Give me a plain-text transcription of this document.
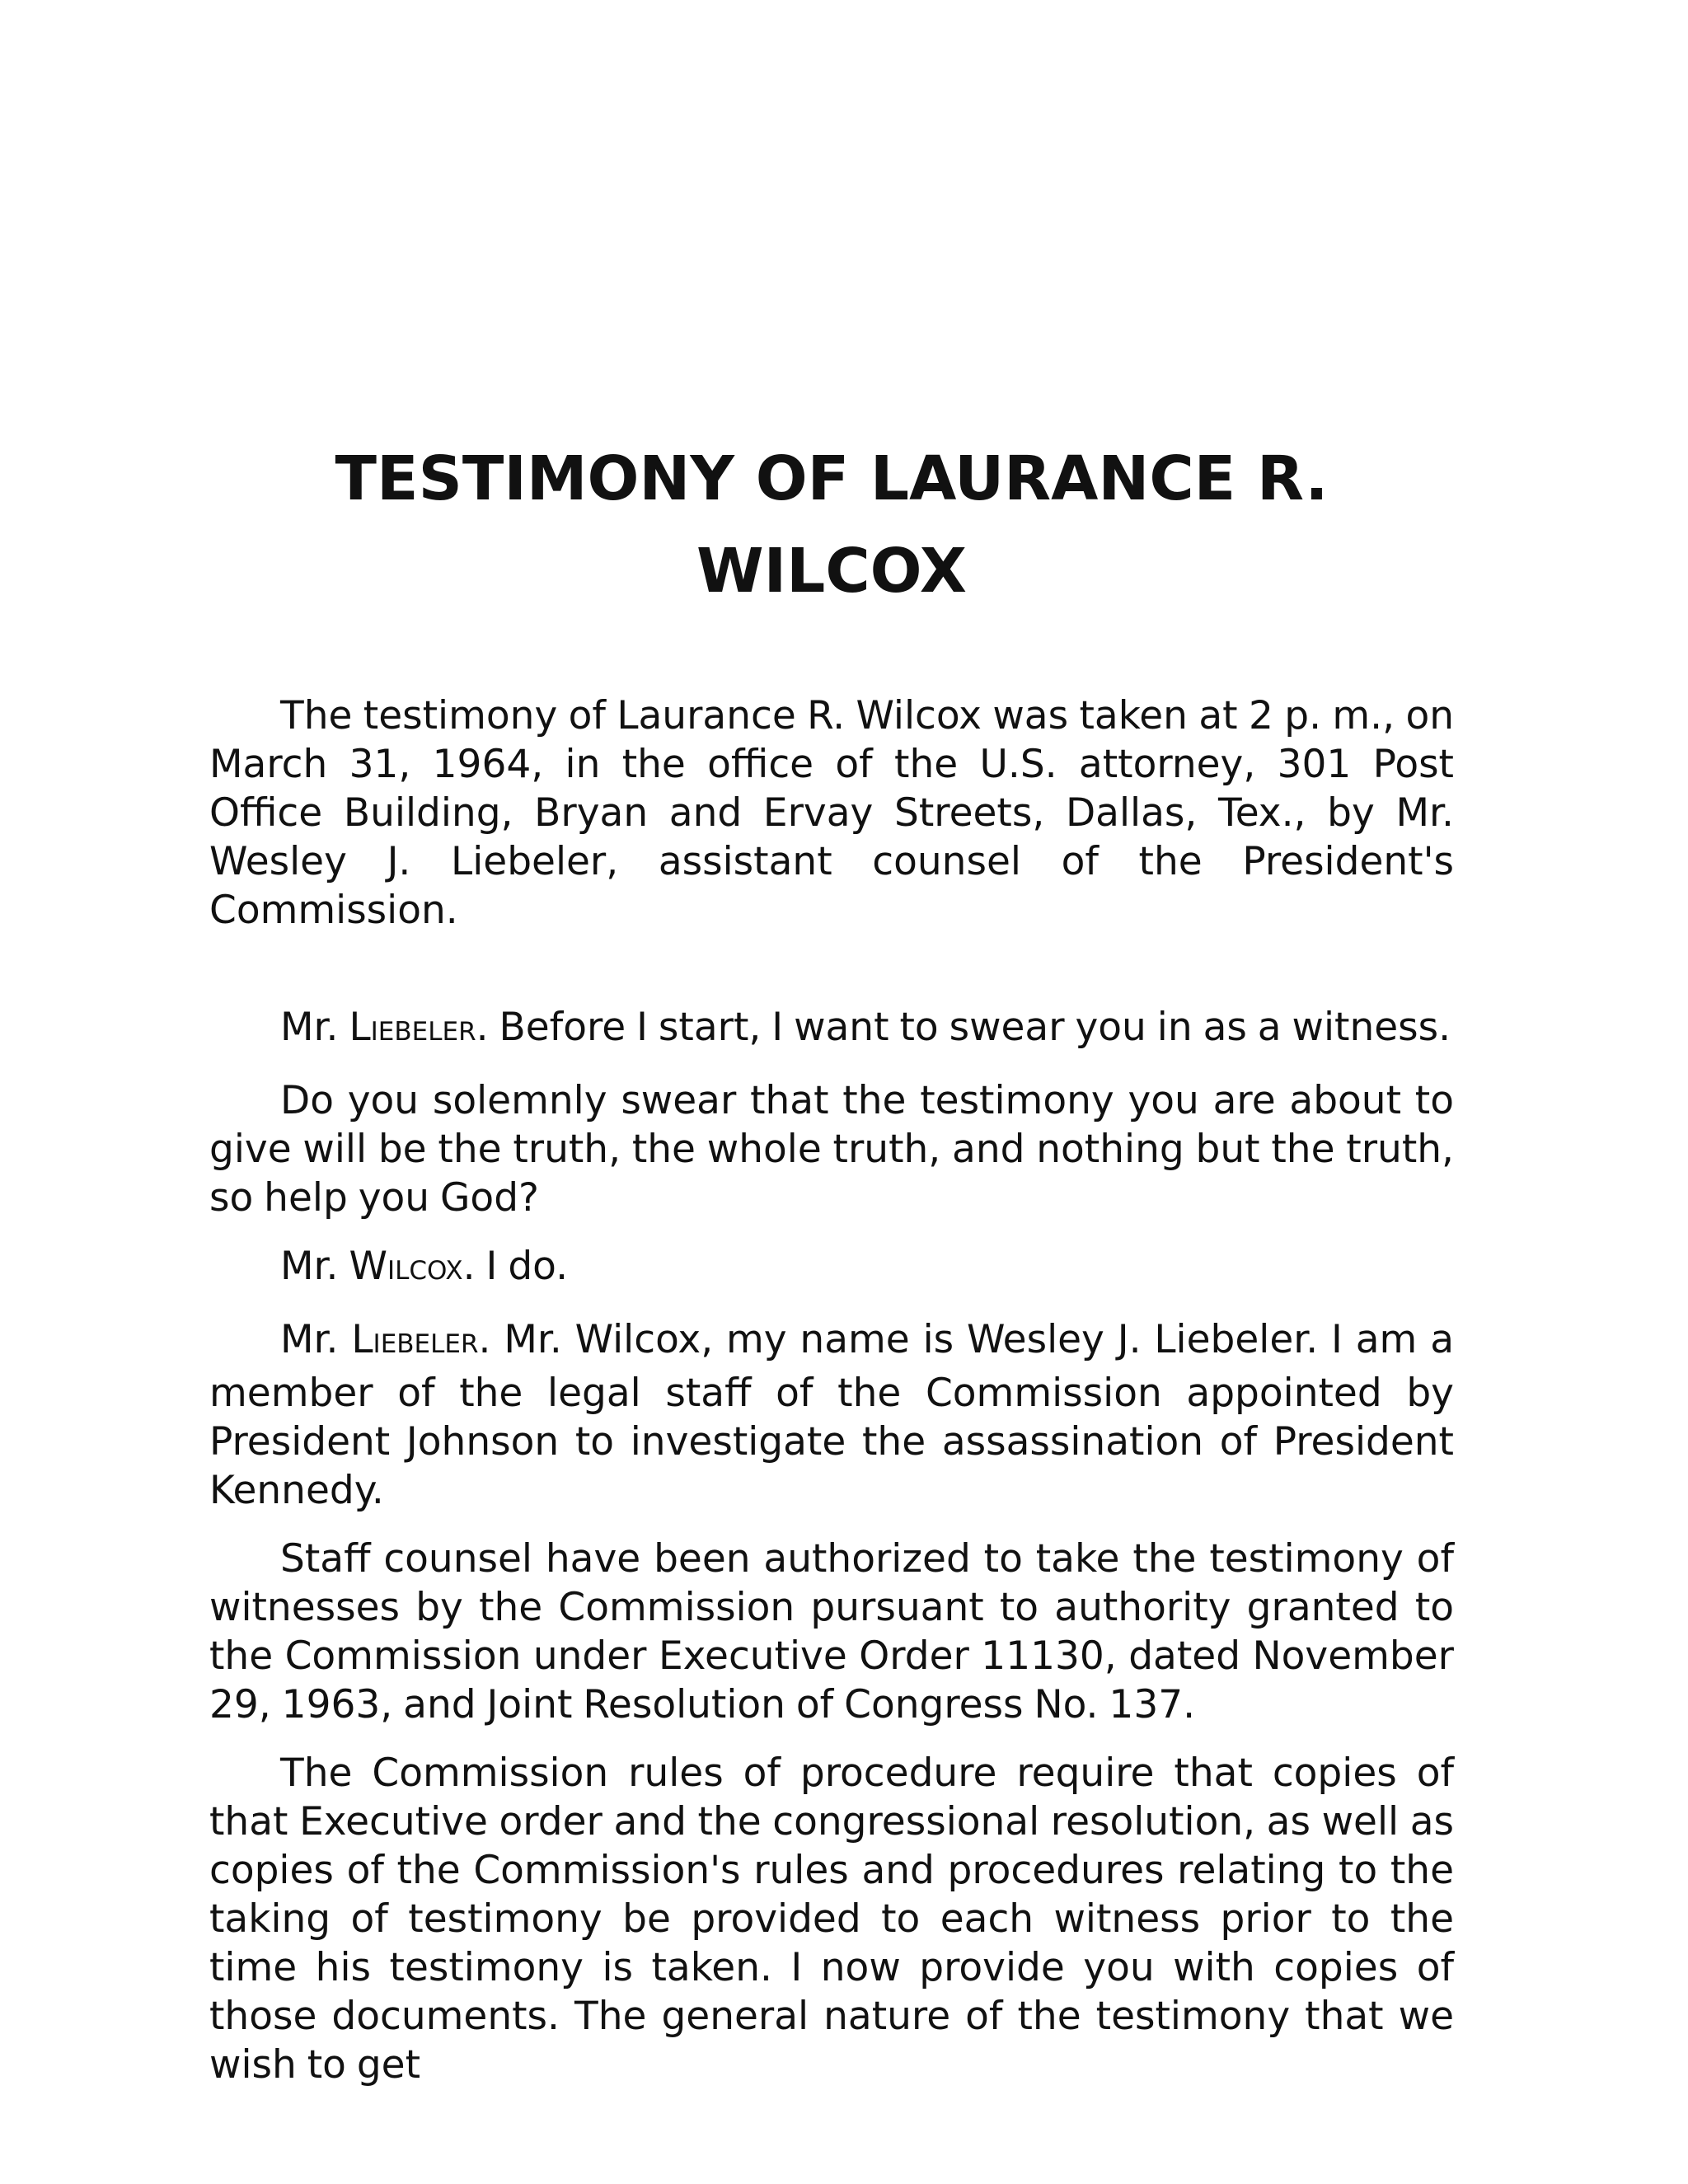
TESTIMONY OF LAURANCE R. WILCOX

The testimony of Laurance R. Wilcox was taken at 2 p. m., on March 31, 1964, in the office of the U.S. attorney, 301 Post Office Building, Bryan and Ervay Streets, Dallas, Tex., by Mr. Wesley J. Liebeler, assistant counsel of the President's Commission.

Mr. LIEBELER. Before I start, I want to swear you in as a witness.

Do you solemnly swear that the testimony you are about to give will be the truth, the whole truth, and nothing but the truth, so help you God?

Mr. WILCOX. I do.

Mr. LIEBELER. Mr. Wilcox, my name is Wesley J. Liebeler. I am a member of the legal staff of the Commission appointed by President Johnson to investigate the assassination of President Kennedy.

Staff counsel have been authorized to take the testimony of witnesses by the Commission pursuant to authority granted to the Commission under Executive Order 11130, dated November 29, 1963, and Joint Resolution of Congress No. 137.

The Commission rules of procedure require that copies of that Executive order and the congressional resolution, as well as copies of the Commission's rules and procedures relating to the taking of testimony be provided to each witness prior to the time his testimony is taken. I now provide you with copies of those documents. The general nature of the testimony that we wish to get
